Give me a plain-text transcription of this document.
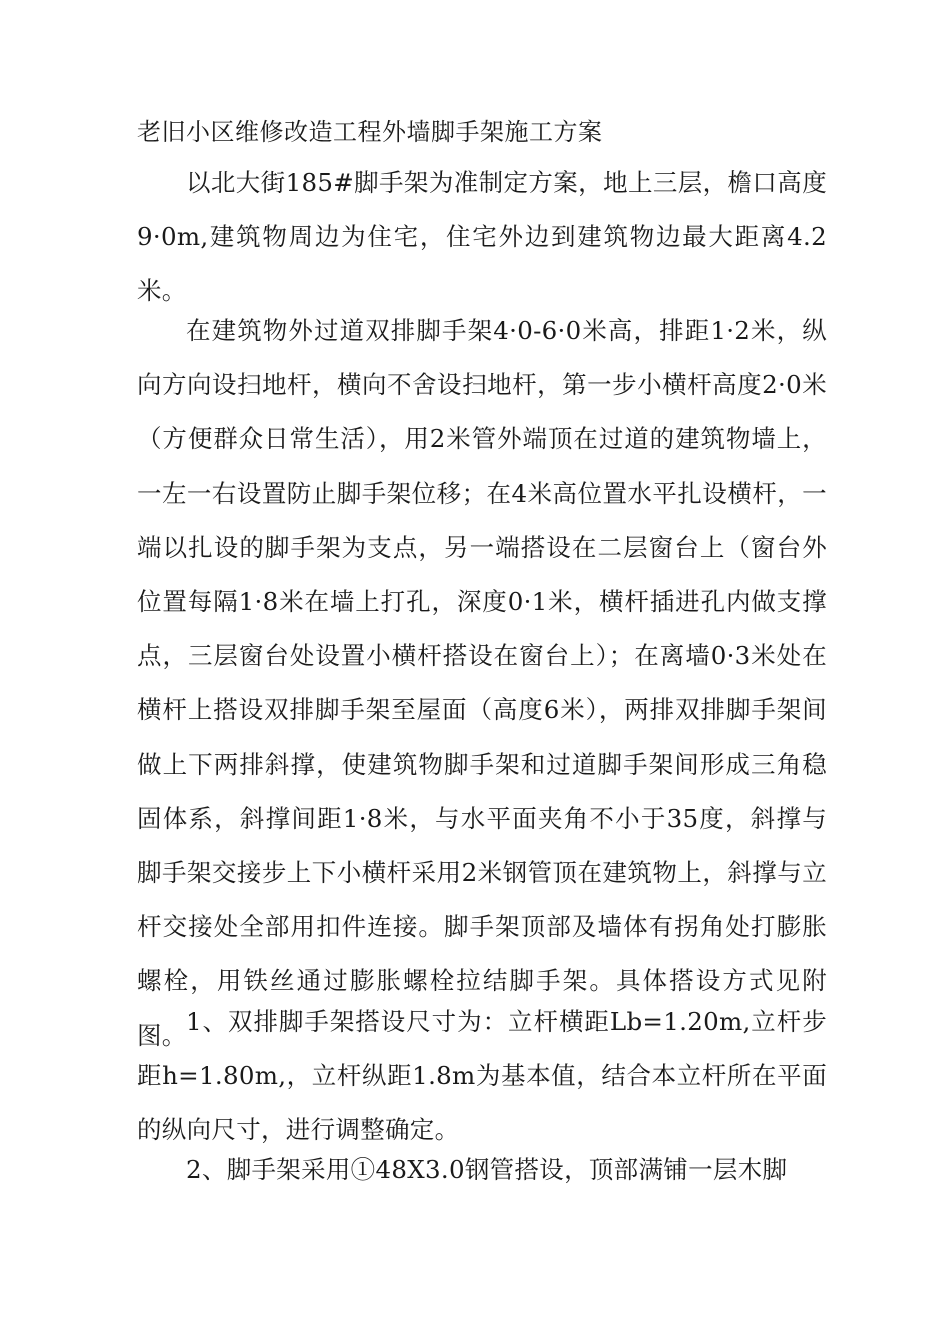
老旧小区维修改造工程外墙脚手架施工方案

以北大街185#脚手架为准制定方案，地上三层，檐口高度9·0m,建筑物周边为住宅，住宅外边到建筑物边最大距离4.2米。

在建筑物外过道双排脚手架4·0-6·0米高，排距1·2米，纵向方向设扫地杆，横向不舍设扫地杆，第一步小横杆高度2·0米（方便群众日常生活），用2米管外端顶在过道的建筑物墙上，一左一右设置防止脚手架位移；在4米高位置水平扎设横杆，一端以扎设的脚手架为支点，另一端搭设在二层窗台上（窗台外位置每隔1·8米在墙上打孔，深度0·1米，横杆插进孔内做支撑点，三层窗台处设置小横杆搭设在窗台上）；在离墙0·3米处在横杆上搭设双排脚手架至屋面（高度6米），两排双排脚手架间做上下两排斜撑，使建筑物脚手架和过道脚手架间形成三角稳固体系，斜撑间距1·8米，与水平面夹角不小于35度，斜撑与脚手架交接步上下小横杆采用2米钢管顶在建筑物上，斜撑与立杆交接处全部用扣件连接。脚手架顶部及墙体有拐角处打膨胀螺栓，用铁丝通过膨胀螺栓拉结脚手架。具体搭设方式见附图。 1、双排脚手架搭设尺寸为：立杆横距Lb=1.20m,立杆步距h=1.80m,，立杆纵距1.8m为基本值，结合本立杆所在平面的纵向尺寸，进行调整确定。

2、脚手架采用①48X3.0钢管搭设，顶部满铺一层木脚
